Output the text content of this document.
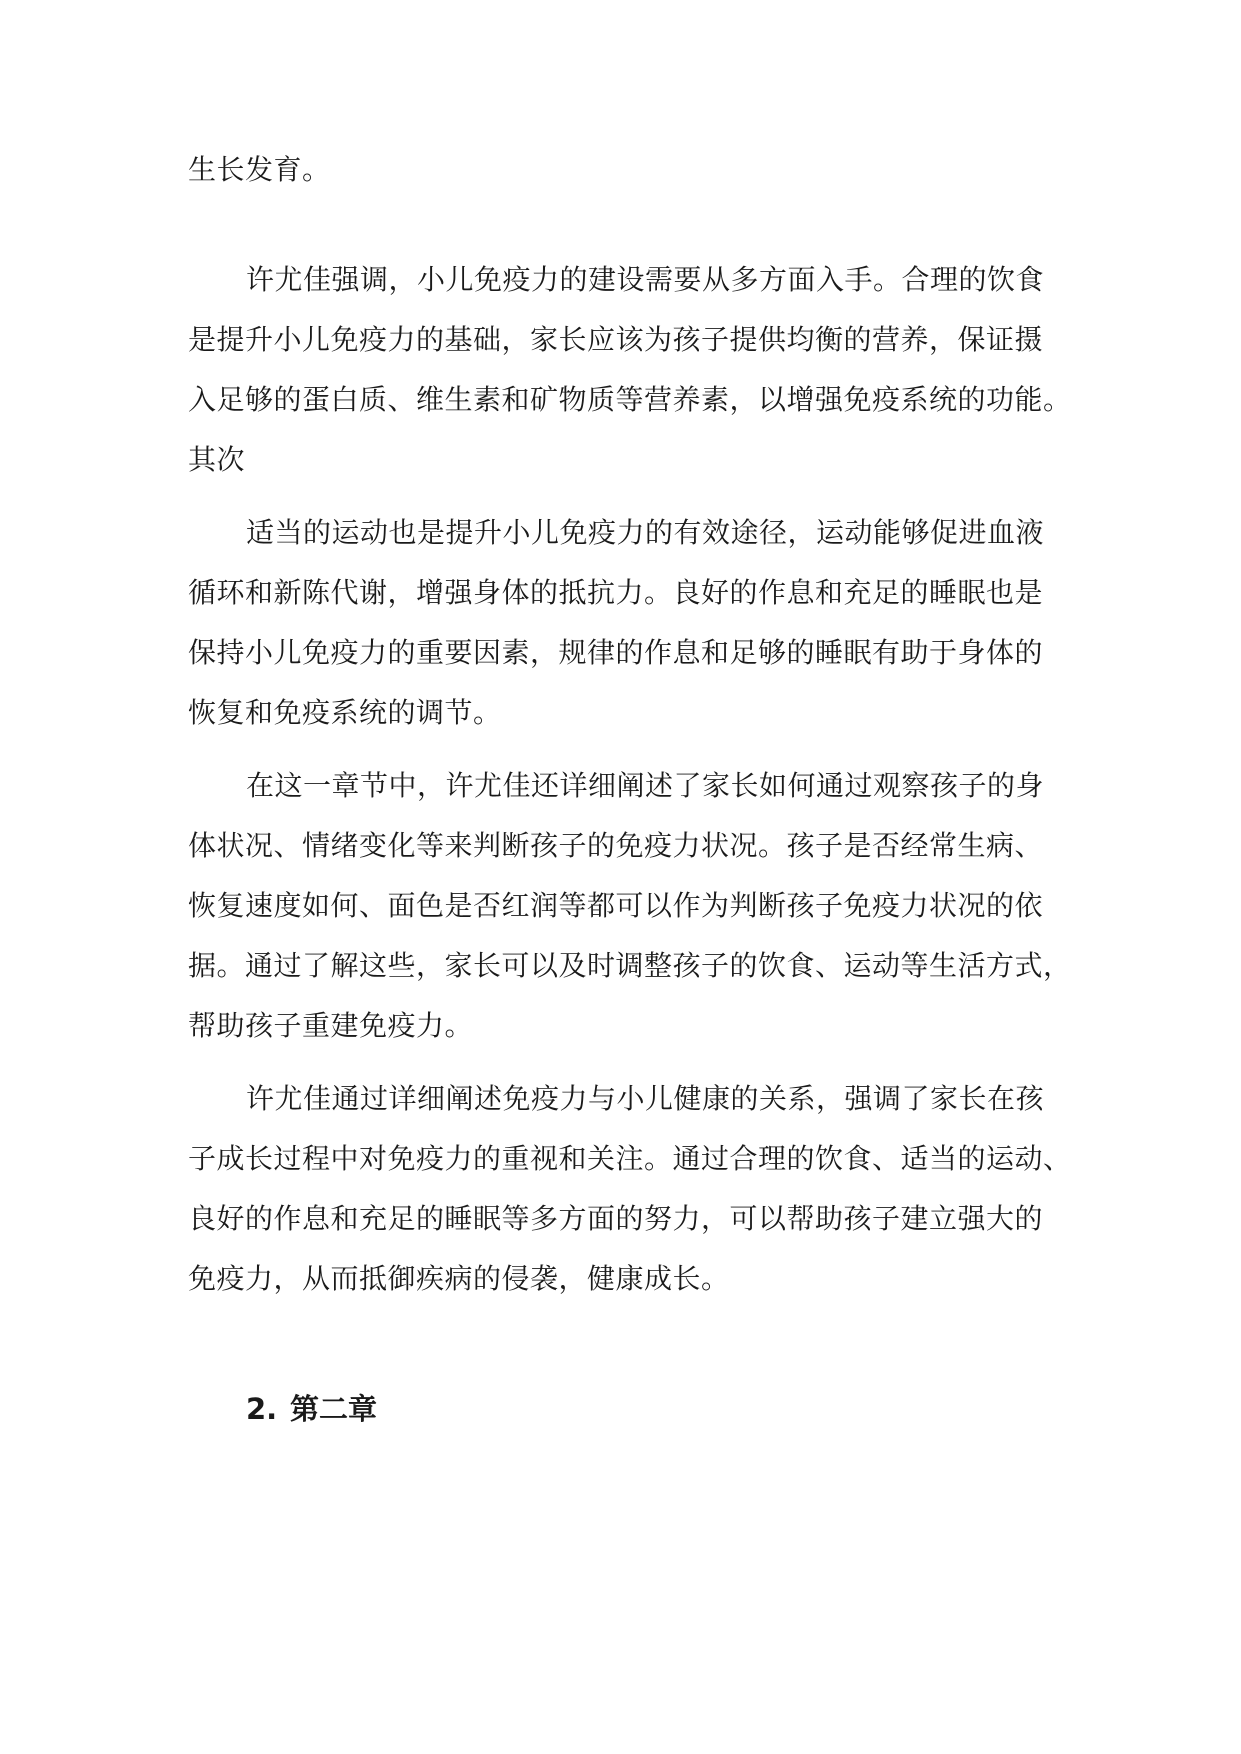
生长发育。
许尤佳强调，小儿免疫力的建设需要从多方面入手。合理的饮食
是提升小儿免疫力的基础，家长应该为孩子提供均衡的营养，保证摄
入足够的蛋白质、维生素和矿物质等营养素，以增强免疫系统的功能。
其次
适当的运动也是提升小儿免疫力的有效途径，运动能够促进血液
循环和新陈代谢，增强身体的抵抗力。良好的作息和充足的睡眠也是
保持小儿免疫力的重要因素，规律的作息和足够的睡眠有助于身体的
恢复和免疫系统的调节。
在这一章节中，许尤佳还详细阐述了家长如何通过观察孩子的身
体状况、情绪变化等来判断孩子的免疫力状况。孩子是否经常生病、
恢复速度如何、面色是否红润等都可以作为判断孩子免疫力状况的依
据。通过了解这些，家长可以及时调整孩子的饮食、运动等生活方式，
帮助孩子重建免疫力。
许尤佳通过详细阐述免疫力与小儿健康的关系，强调了家长在孩
子成长过程中对免疫力的重视和关注。通过合理的饮食、适当的运动、
良好的作息和充足的睡眠等多方面的努力，可以帮助孩子建立强大的
免疫力，从而抵御疾病的侵袭，健康成长。
2. 第二章
